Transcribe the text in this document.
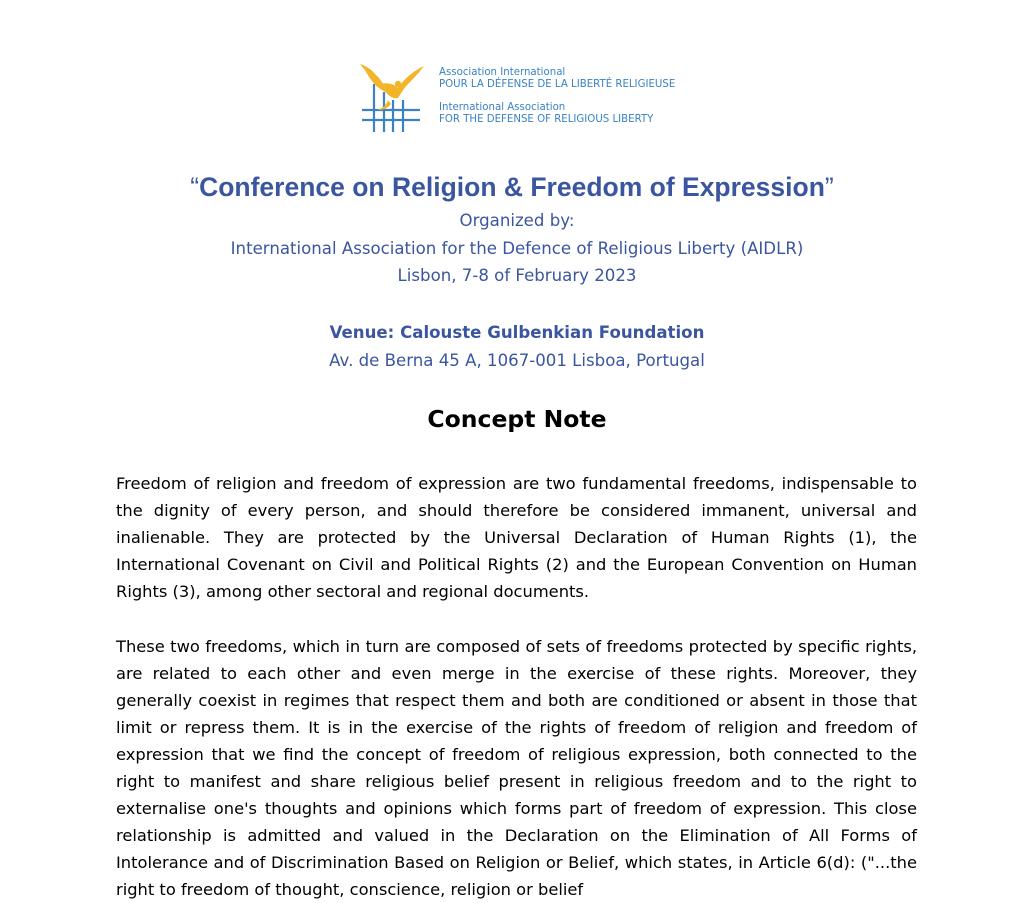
Association International
POUR LA DÉFENSE DE LA LIBERTÉ RELIGIEUSE
International Association
FOR THE DEFENSE OF RELIGIOUS LIBERTY
“Conference on Religion & Freedom of Expression”
Organized by:
International Association for the Defence of Religious Liberty (AIDLR)
Lisbon, 7-8 of February 2023
Venue: Calouste Gulbenkian Foundation
Av. de Berna 45 A, 1067-001 Lisboa, Portugal
Concept Note

Freedom of religion and freedom of expression are two fundamental freedoms, indispensable to the dignity of every person, and should therefore be considered immanent, universal and inalienable. They are protected by the Universal Declaration of Human Rights (1), the International Covenant on Civil and Political Rights (2) and the European Convention on Human Rights (3), among other sectoral and regional documents.

These two freedoms, which in turn are composed of sets of freedoms protected by specific rights, are related to each other and even merge in the exercise of these rights. Moreover, they generally coexist in regimes that respect them and both are conditioned or absent in those that limit or repress them. It is in the exercise of the rights of freedom of religion and freedom of expression that we find the concept of freedom of religious expression, both connected to the right to manifest and share religious belief present in religious freedom and to the right to externalise one's thoughts and opinions which forms part of freedom of expression. This close relationship is admitted and valued in the Declaration on the Elimination of All Forms of Intolerance and of Discrimination Based on Religion or Belief, which states, in Article 6(d): ("...the right to freedom of thought, conscience, religion or belief
